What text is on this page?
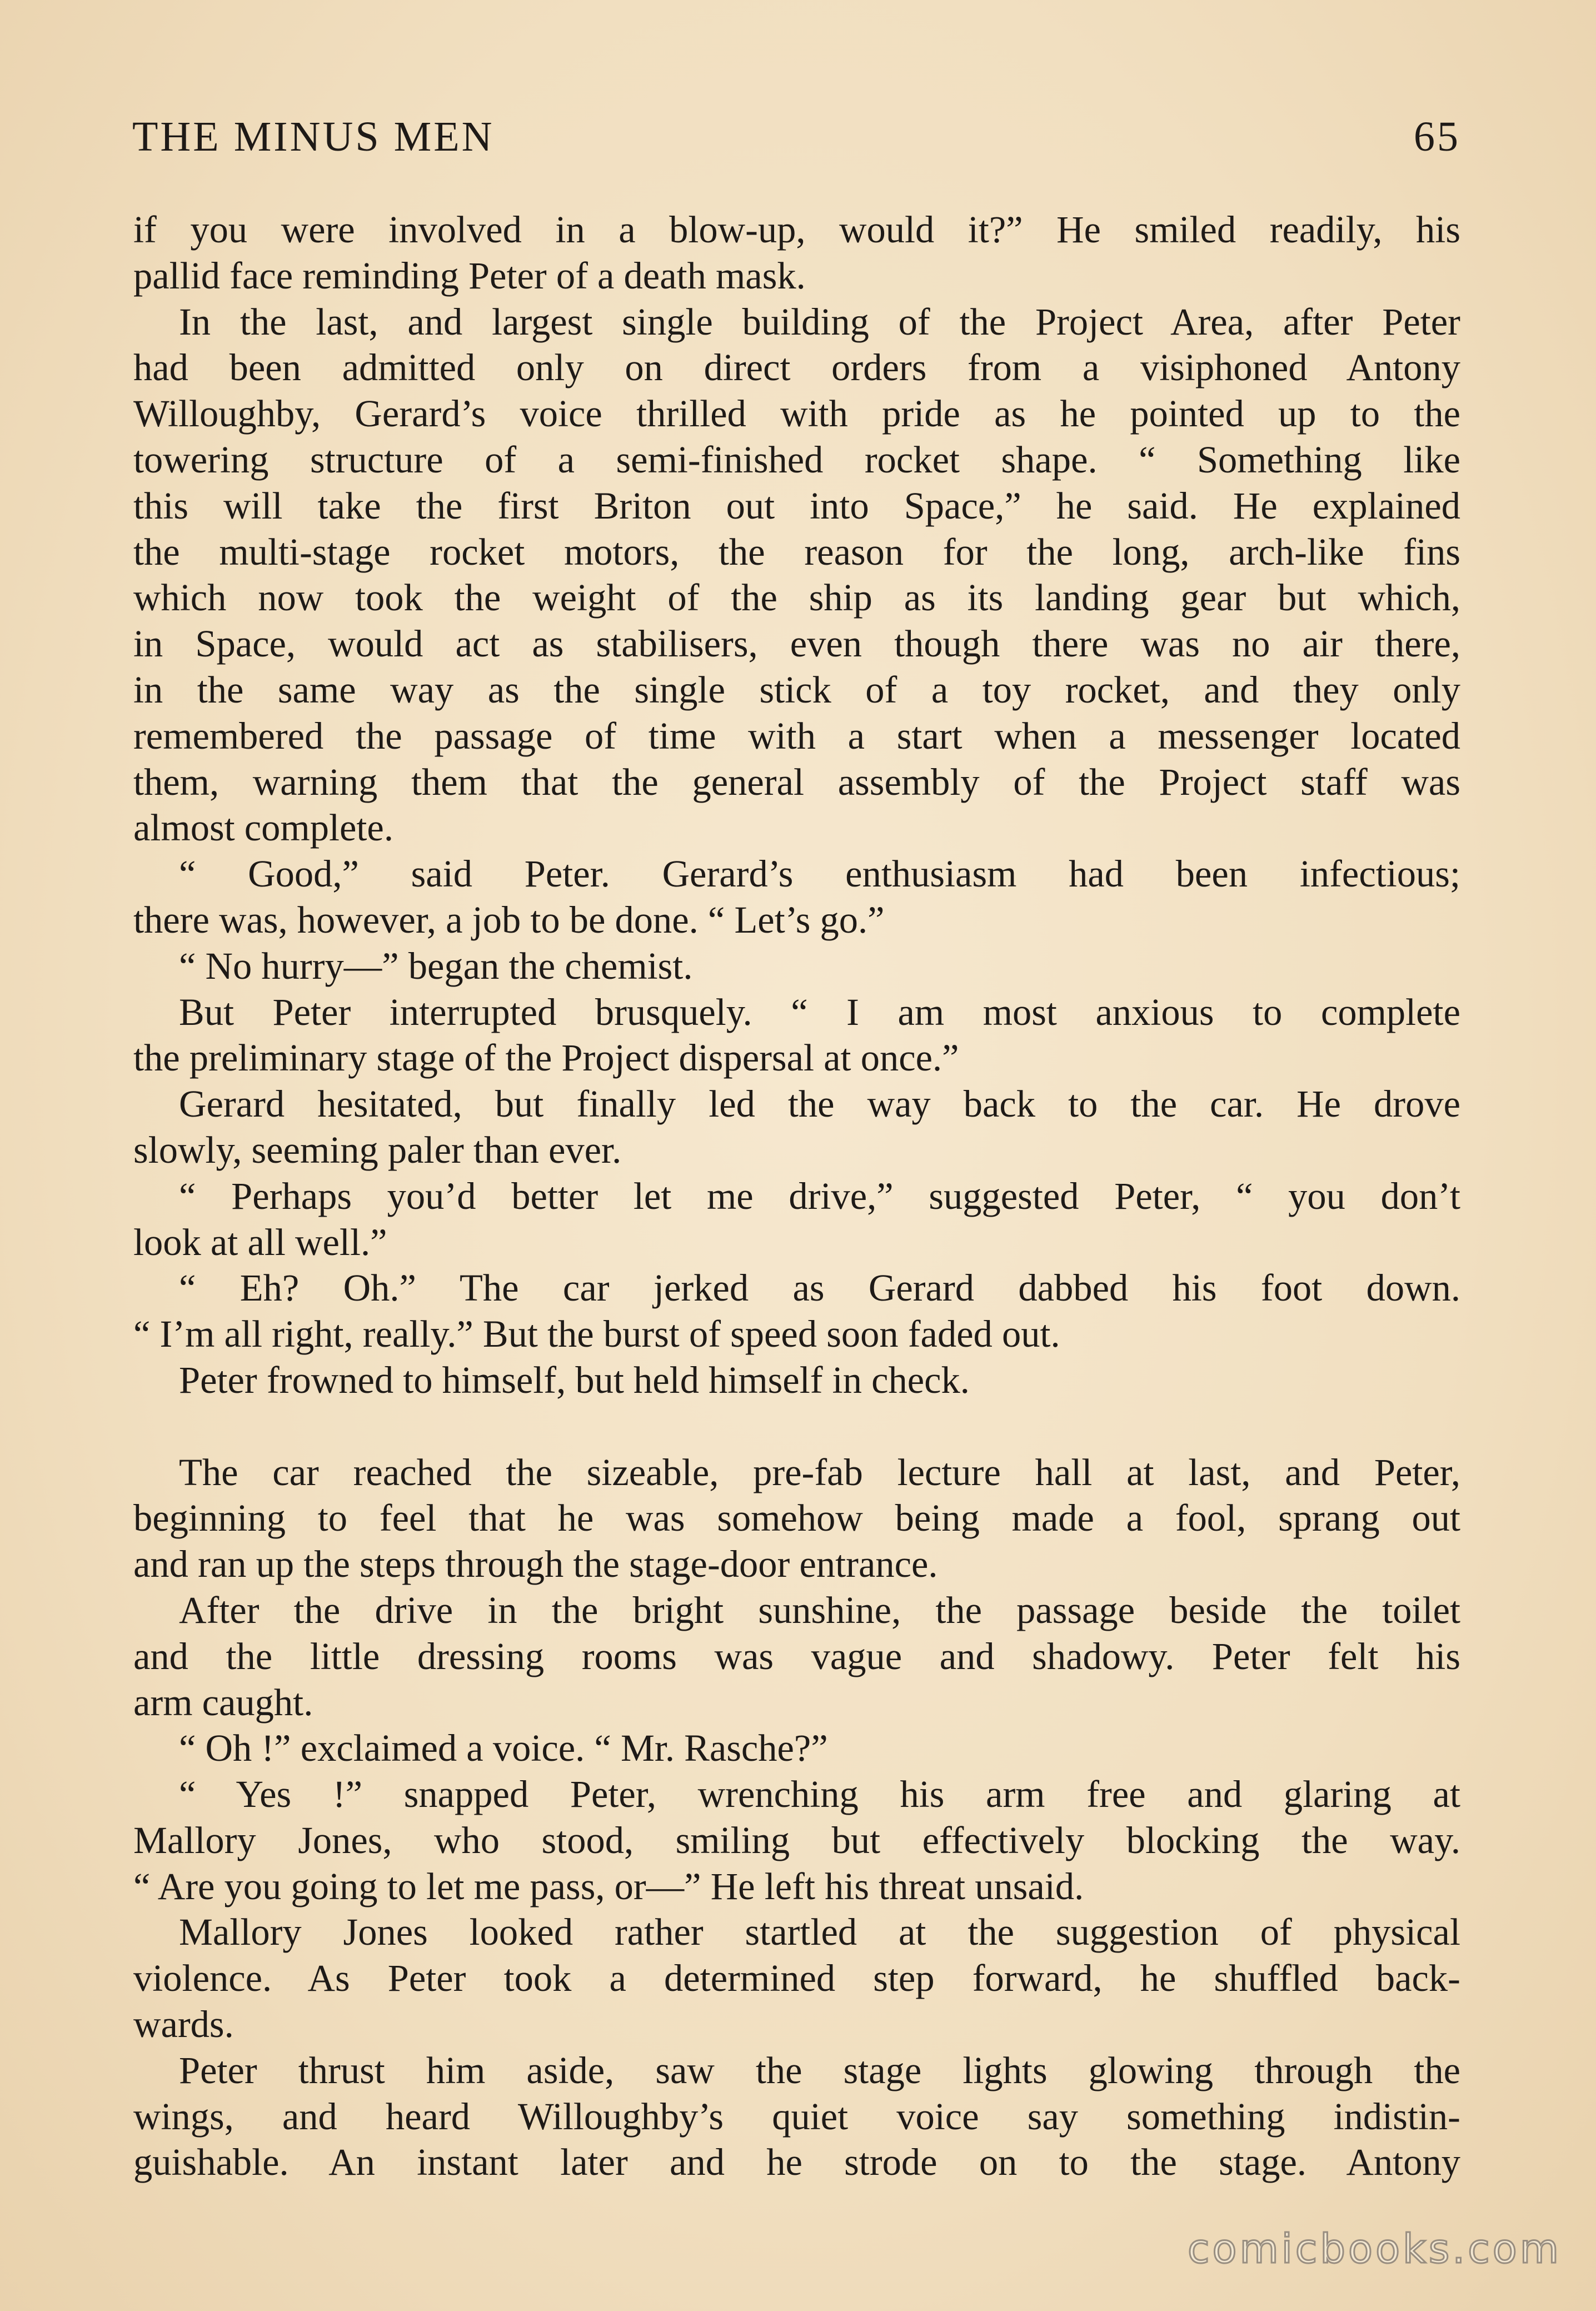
THE MINUS MEN	65

if you were involved in a blow-up, would it?” He smiled readily, his

pallid face reminding Peter of a death mask.

In the last, and largest single building of the Project Area, after Peter

had been admitted only on direct orders from a visiphoned Antony

Willoughby, Gerard’s voice thrilled with pride as he pointed up to the

towering structure of a semi-finished rocket shape. “ Something like

this will take the first Briton out into Space,” he said. He explained

the multi-stage rocket motors, the reason for the long, arch-like fins

which now took the weight of the ship as its landing gear but which,

in Space, would act as stabilisers, even though there was no air there,

in the same way as the single stick of a toy rocket, and they only

remembered the passage of time with a start when a messenger located

them, warning them that the general assembly of the Project staff was

almost complete.

“ Good,” said Peter. Gerard’s enthusiasm had been infectious;

there was, however, a job to be done. “ Let’s go.”

“ No hurry—” began the chemist.

But Peter interrupted brusquely. “ I am most anxious to complete

the preliminary stage of the Project dispersal at once.”

Gerard hesitated, but finally led the way back to the car. He drove

slowly, seeming paler than ever.

“ Perhaps you’d better let me drive,” suggested Peter, “ you don’t

look at all well.”

“ Eh? Oh.” The car jerked as Gerard dabbed his foot down.

“ I’m all right, really.” But the burst of speed soon faded out.

Peter frowned to himself, but held himself in check.

The car reached the sizeable, pre-fab lecture hall at last, and Peter,

beginning to feel that he was somehow being made a fool, sprang out

and ran up the steps through the stage-door entrance.

After the drive in the bright sunshine, the passage beside the toilet

and the little dressing rooms was vague and shadowy. Peter felt his

arm caught.

“ Oh !” exclaimed a voice. “ Mr. Rasche?”

“ Yes !” snapped Peter, wrenching his arm free and glaring at

Mallory Jones, who stood, smiling but effectively blocking the way.

“ Are you going to let me pass, or—” He left his threat unsaid.

Mallory Jones looked rather startled at the suggestion of physical

violence. As Peter took a determined step forward, he shuffled back-

wards.

Peter thrust him aside, saw the stage lights glowing through the

wings, and heard Willoughby’s quiet voice say something indistin-

guishable. An instant later and he strode on to the stage. Antony

comicbooks.com
